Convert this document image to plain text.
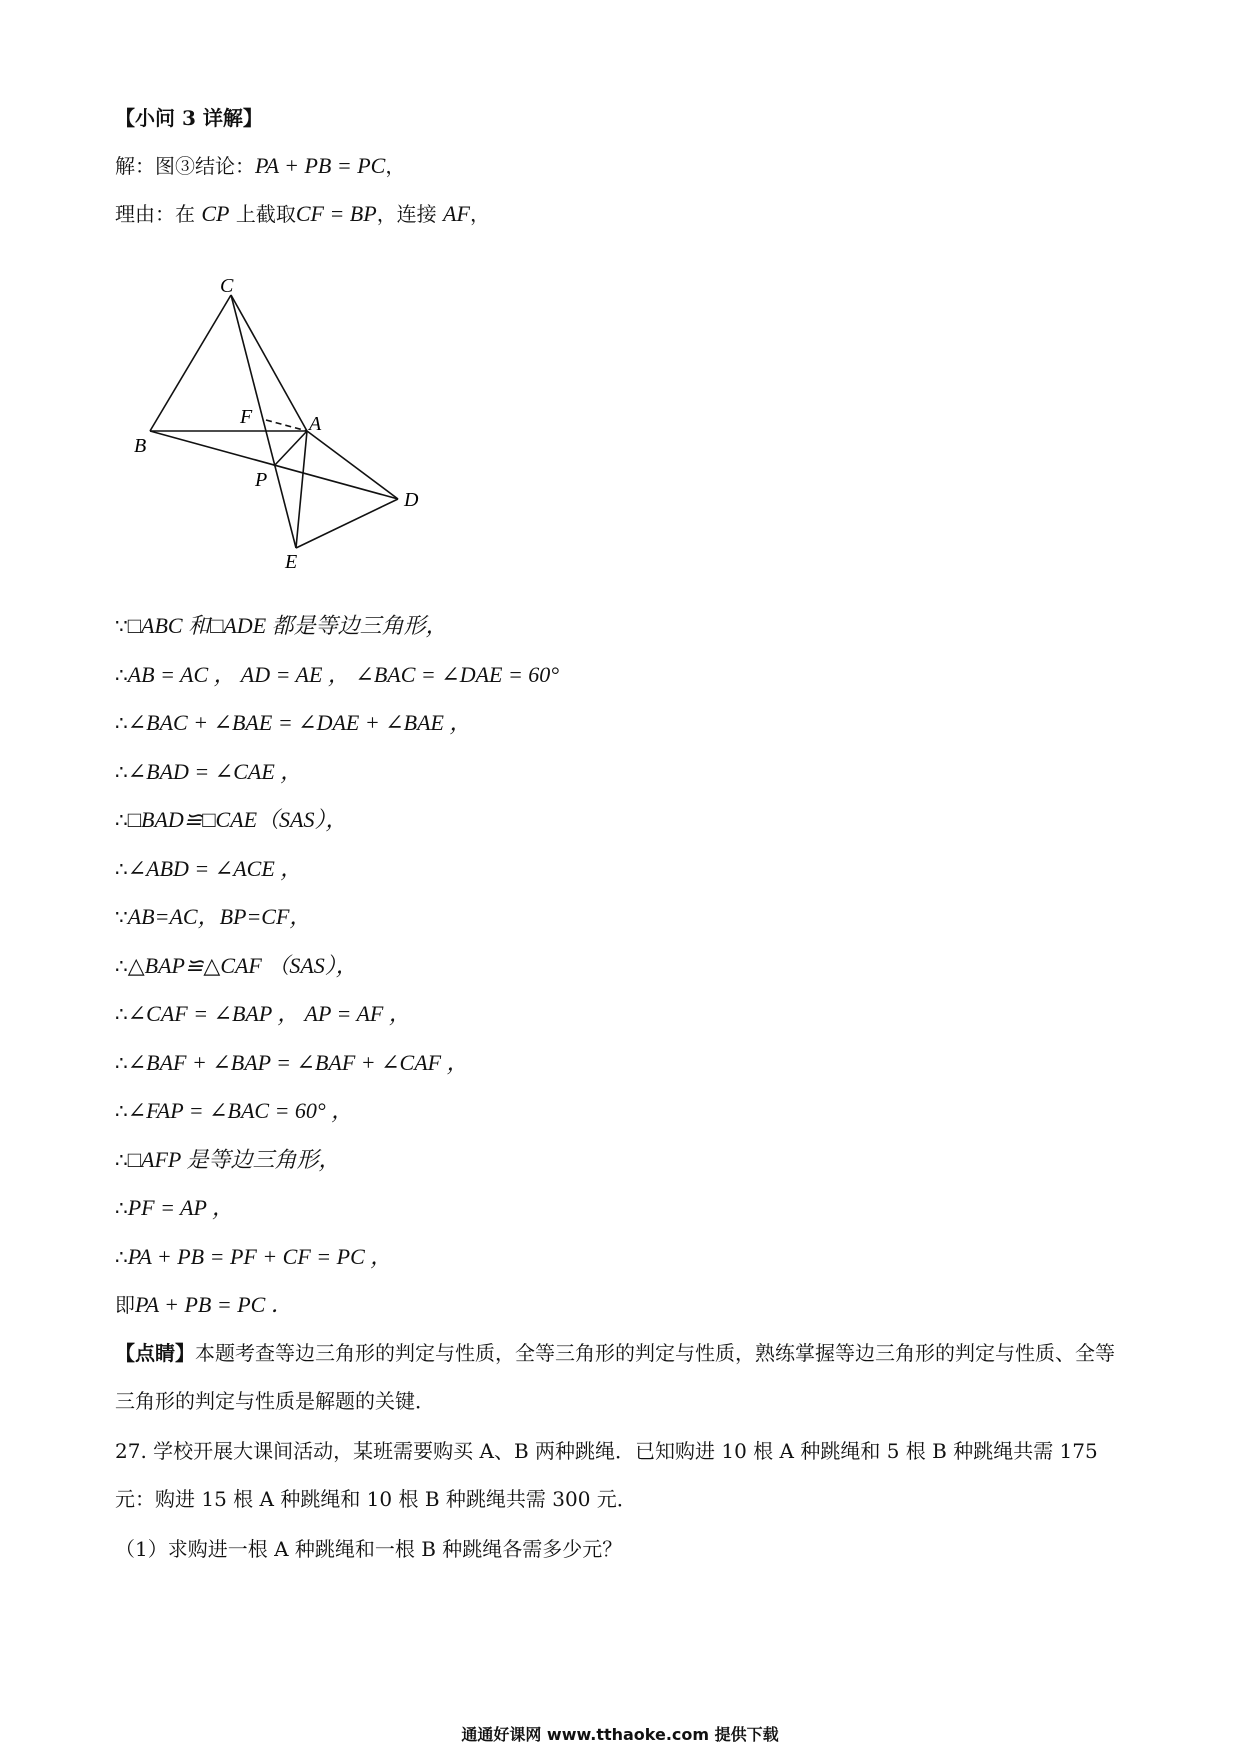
【小问 3 详解】
解：图③结论：PA + PB = PC，
理由：在 CP 上截取CF = BP，连接 AF，
C
F	A
B
P
D
E
∵□ABC 和□ADE 都是等边三角形，
∴AB = AC ， AD = AE ， ∠BAC = ∠DAE = 60°
∴∠BAC + ∠BAE = ∠DAE + ∠BAE ，
∴∠BAD = ∠CAE ，
∴□BAD≌□CAE（SAS），
∴∠ABD = ∠ACE ，
∵AB=AC，BP=CF，
∴△BAP≌△CAF （SAS），
∴∠CAF = ∠BAP ， AP = AF ，
∴∠BAF + ∠BAP = ∠BAF + ∠CAF ，
∴∠FAP = ∠BAC = 60° ，
∴□AFP 是等边三角形，
∴PF = AP ，
∴PA + PB = PF + CF = PC ，
即PA + PB = PC ．
【点睛】本题考查等边三角形的判定与性质，全等三角形的判定与性质，熟练掌握等边三角形的判定与性质、全等三角形的判定与性质是解题的关键．
27. 学校开展大课间活动，某班需要购买 A、B 两种跳绳．已知购进 10 根 A 种跳绳和 5 根 B 种跳绳共需 175 元：购进 15 根 A 种跳绳和 10 根 B 种跳绳共需 300 元．
（1）求购进一根 A 种跳绳和一根 B 种跳绳各需多少元？
通通好课网 www.tthaoke.com 提供下载
